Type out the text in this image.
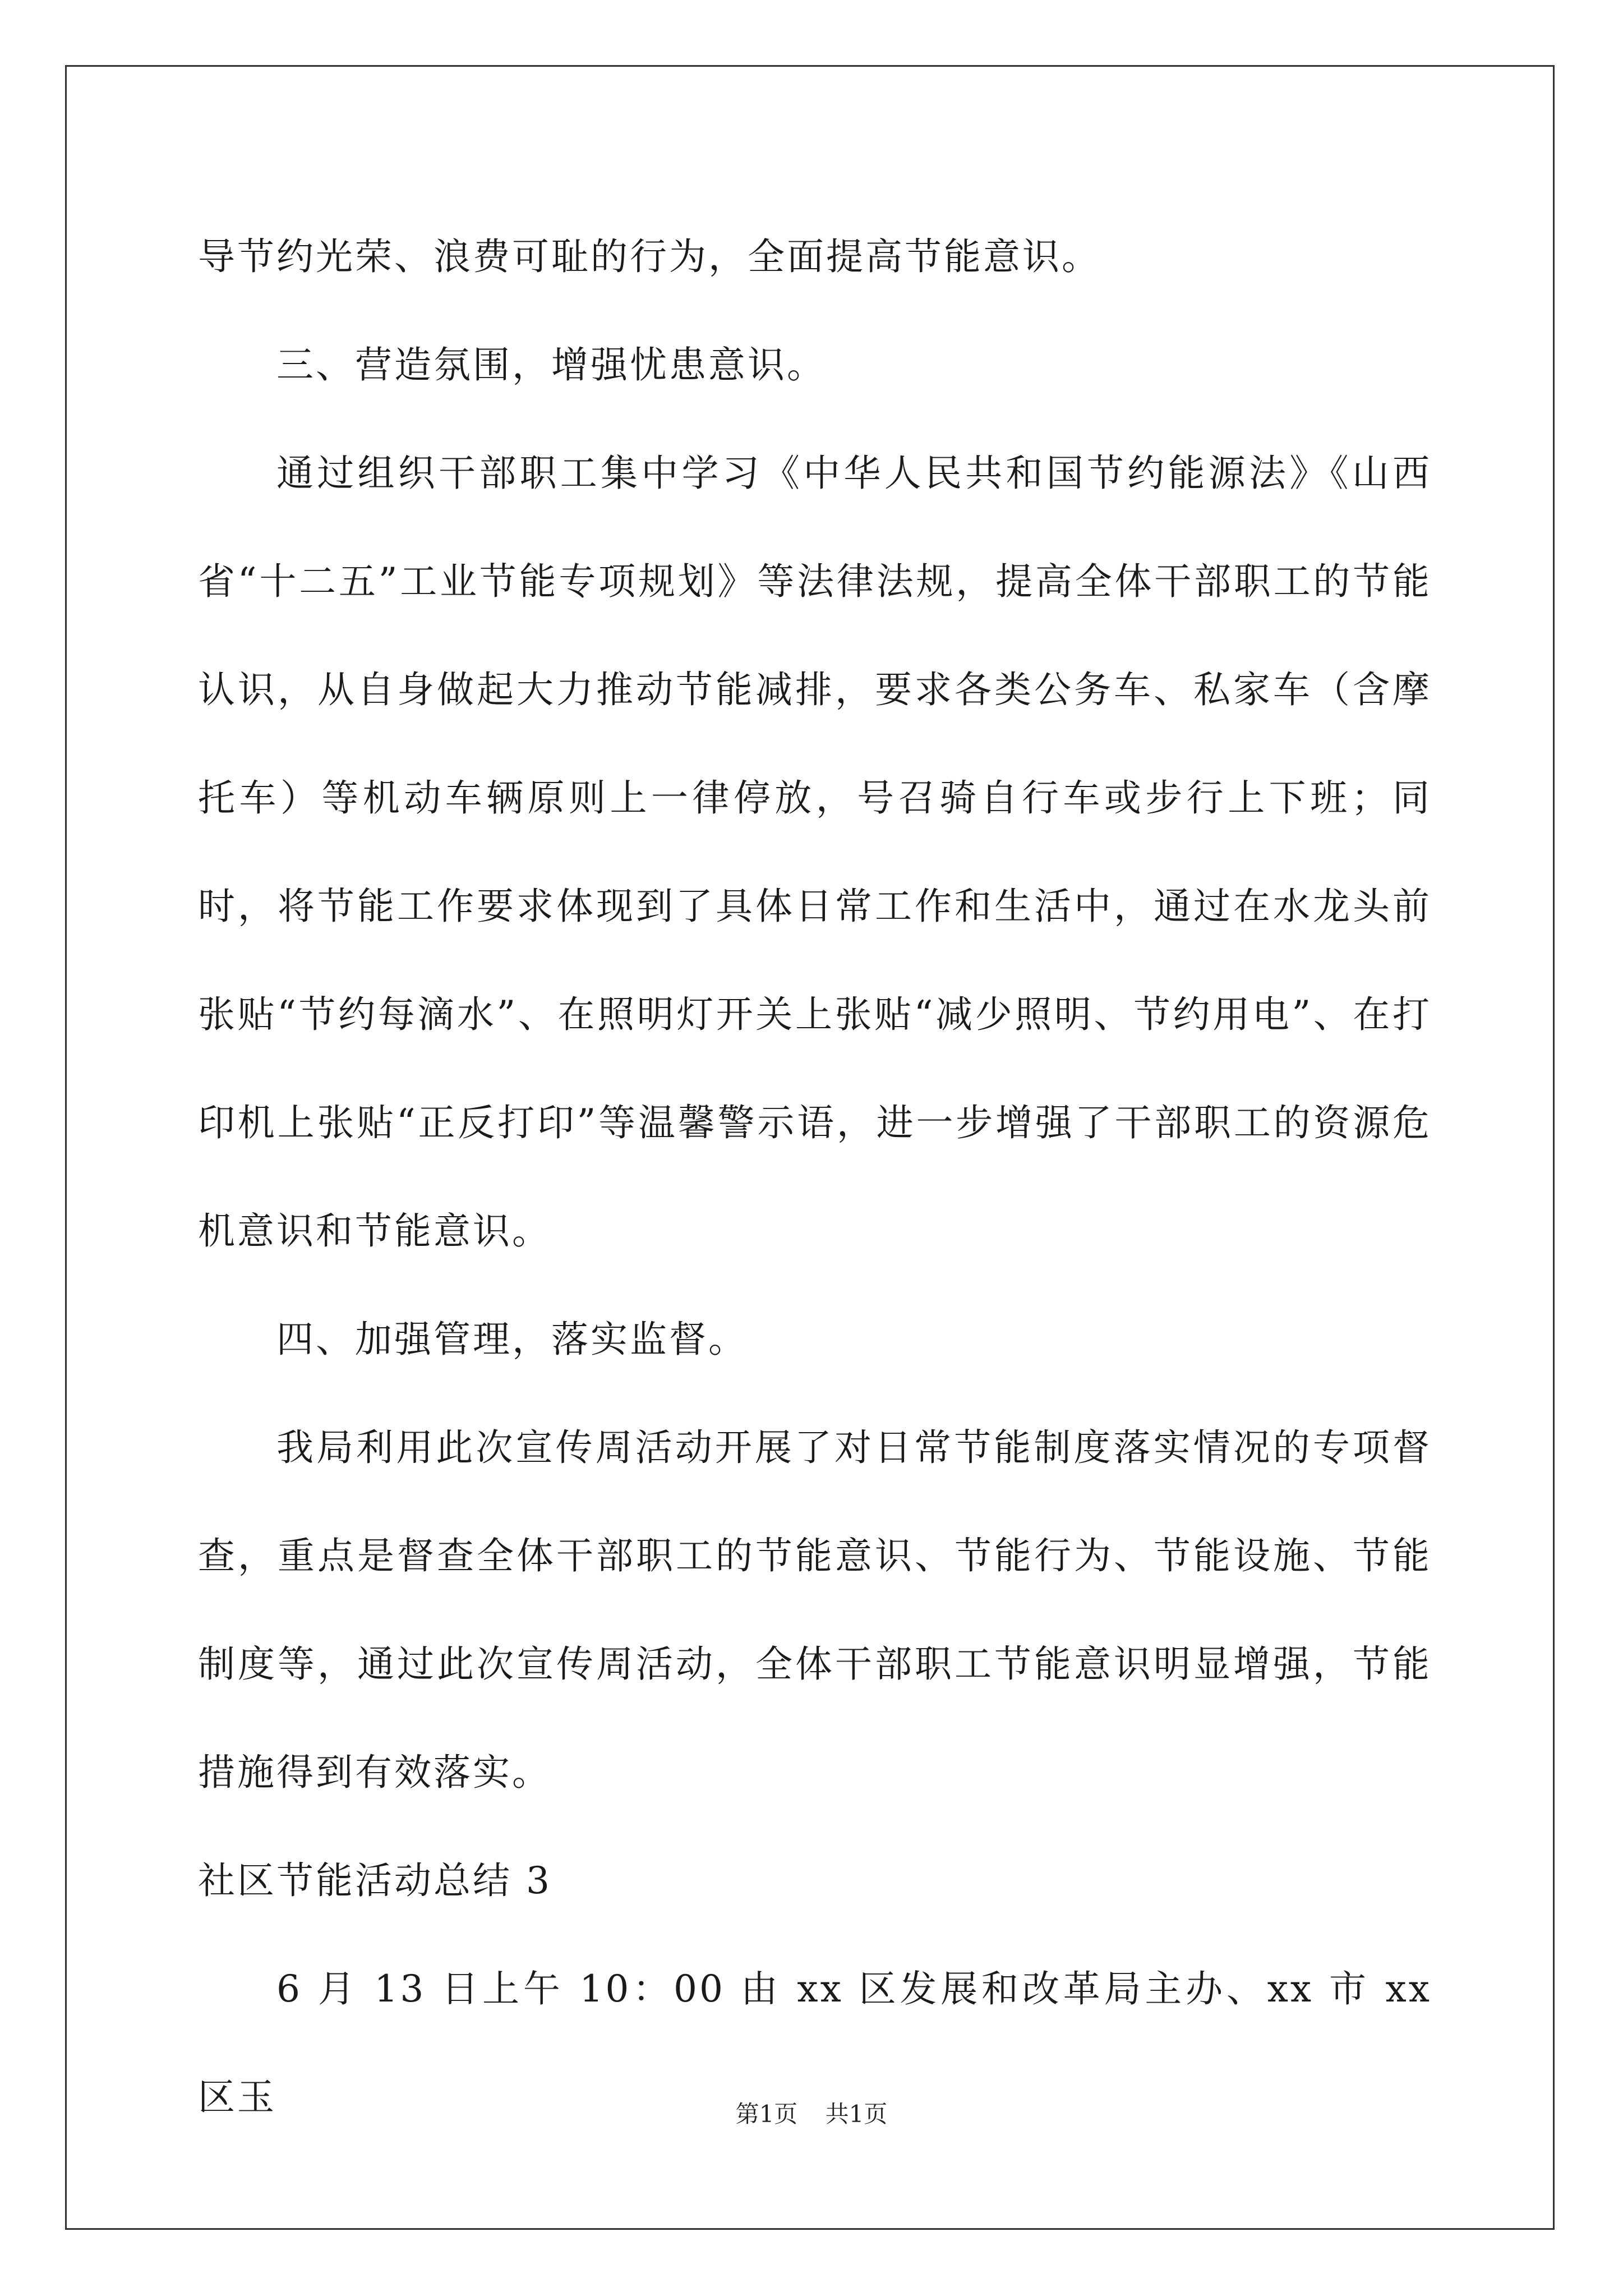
导节约光荣、浪费可耻的行为，全面提高节能意识。

三、营造氛围，增强忧患意识。

通过组织干部职工集中学习《中华人民共和国节约能源法》《山西省“十二五”工业节能专项规划》等法律法规，提高全体干部职工的节能认识，从自身做起大力推动节能减排，要求各类公务车、私家车（含摩托车）等机动车辆原则上一律停放，号召骑自行车或步行上下班；同时，将节能工作要求体现到了具体日常工作和生活中，通过在水龙头前张贴“节约每滴水”、在照明灯开关上张贴“减少照明、节约用电”、在打印机上张贴“正反打印”等温馨警示语，进一步增强了干部职工的资源危机意识和节能意识。

四、加强管理，落实监督。

我局利用此次宣传周活动开展了对日常节能制度落实情况的专项督查，重点是督查全体干部职工的节能意识、节能行为、节能设施、节能制度等，通过此次宣传周活动，全体干部职工节能意识明显增强，节能措施得到有效落实。

社区节能活动总结 3

6 月 13 日上午 10：00 由 xx 区发展和改革局主办、xx 市 xx 区玉	第1页 共1页
